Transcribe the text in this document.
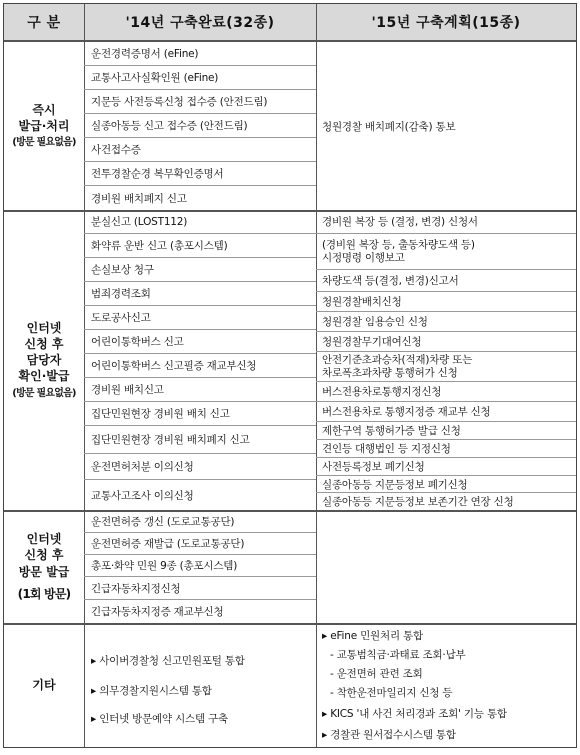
구 분	'14년 구축완료(32종)	'15년 구축계획(15종)
즉시
발급·처리
(방문 필요없음)
운전경력증명서 (eFine)
교통사고사실확인원 (eFine)
지문등 사전등록신청 접수증 (안전드림)
실종아동등 신고 접수증 (안전드림)
사건접수증
전투경찰순경 복무확인증명서
경비원 배치폐지 신고
청원경찰 배치폐지(감축) 통보
인터넷
신청 후
담당자
확인·발급
(방문 필요없음)
분실신고 (LOST112)
화약류 운반 신고 (총포시스템)
손실보상 청구
범죄경력조회
도로공사신고
어린이통학버스 신고
어린이통학버스 신고필증 재교부신청
경비원 배치신고
집단민원현장 경비원 배치 신고
집단민원현장 경비원 배치폐지 신고
운전면허처분 이의신청
교통사고조사 이의신청
경비원 복장 등 (결정, 변경) 신청서
(경비원 복장 등, 출동차량도색 등)
시정명령 이행보고
차량도색 등(결정, 변경)신고서
청원경찰배치신청
청원경찰 임용승인 신청
청원경찰무기대여신청
안전기준초과승차(적재)차량 또는
차로폭초과차량 통행허가 신청
버스전용차로통행지정신청
버스전용차로 통행지정증 재교부 신청
제한구역 통행허가증 발급 신청
견인등 대행법인 등 지정신청
사전등록정보 폐기신청
실종아동등 지문등정보 폐기신청
실종아동등 지문등정보 보존기간 연장 신청
인터넷
신청 후
방문 발급
(1회 방문)
운전면허증 갱신 (도로교통공단)
운전면허증 재발급 (도로교통공단)
총포·화약 민원 9종 (총포시스템)
긴급자동차지정신청
긴급자동차지정증 재교부신청
기타
▸ 사이버경찰청 신고민원포털 통합
▸ 의무경찰지원시스템 통합
▸ 인터넷 방문예약 시스템 구축
▸ eFine 민원처리 통합
- 교통범칙금·과태료 조회·납부
- 운전면허 관련 조회
- 착한운전마일리지 신청 등
▸ KICS '내 사건 처리경과 조회' 기능 통합
▸ 경찰관 원서접수시스템 통합
